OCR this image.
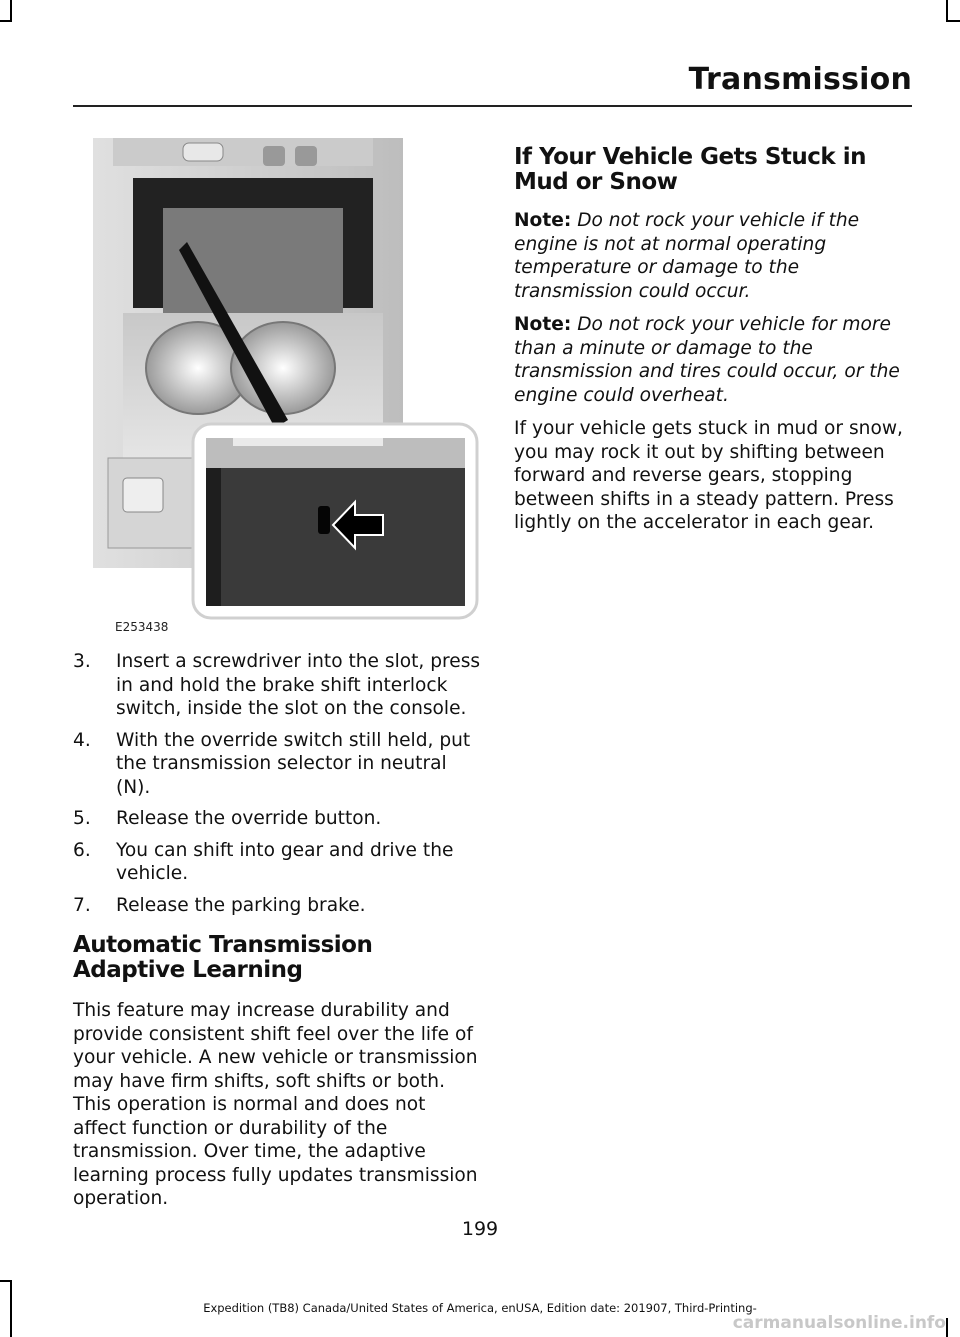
Transmission
E253438
3. Insert a screwdriver into the slot, press in and hold the brake shift interlock switch, inside the slot on the console.
4. With the override switch still held, put the transmission selector in neutral (N).
5. Release the override button.
6. You can shift into gear and drive the vehicle.
7. Release the parking brake.
Automatic Transmission Adaptive Learning

This feature may increase durability and provide consistent shift feel over the life of your vehicle. A new vehicle or transmission may have firm shifts, soft shifts or both. This operation is normal and does not affect function or durability of the transmission. Over time, the adaptive learning process fully updates transmission operation.

If Your Vehicle Gets Stuck in Mud or Snow

Note: Do not rock your vehicle if the engine is not at normal operating temperature or damage to the transmission could occur.

Note: Do not rock your vehicle for more than a minute or damage to the transmission and tires could occur, or the engine could overheat.

If your vehicle gets stuck in mud or snow, you may rock it out by shifting between forward and reverse gears, stopping between shifts in a steady pattern. Press lightly on the accelerator in each gear.

199
Expedition (TB8) Canada/United States of America, enUSA, Edition date: 201907, Third-Printing-
carmanualsonline.info
